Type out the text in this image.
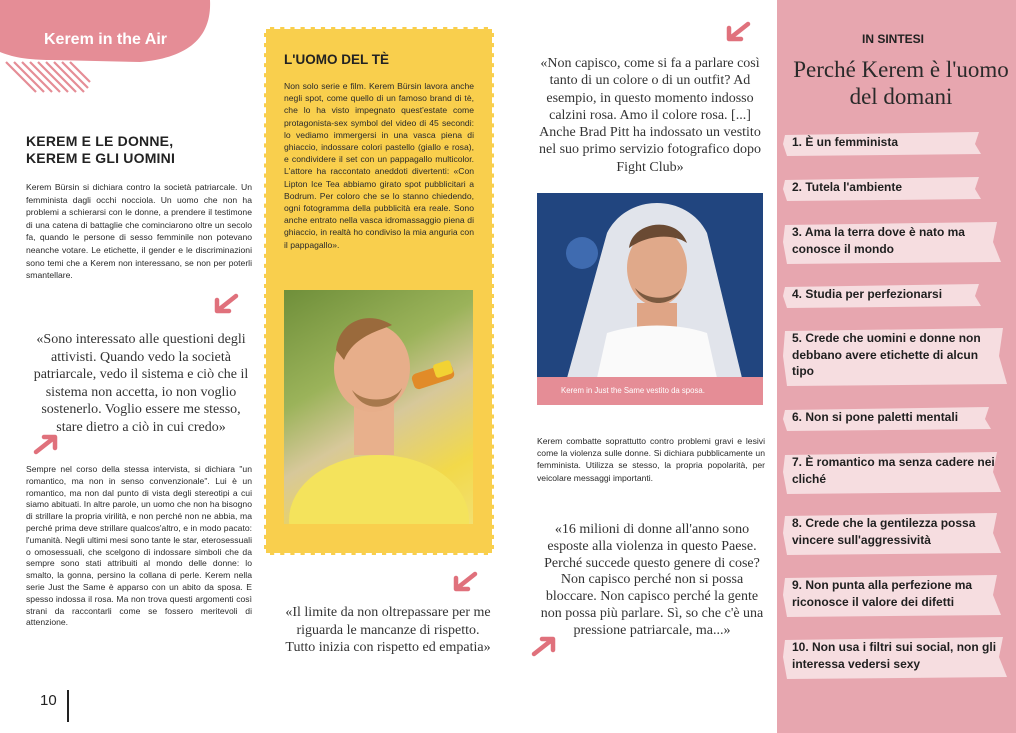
Kerem in the Air
KEREM E LE DONNE,
KEREM E GLI UOMINI
Kerem Bürsin si dichiara contro la società patriarcale. Un femminista dagli occhi nocciola. Un uomo che non ha problemi a schierarsi con le donne, a prendere il testimone di una catena di battaglie che cominciarono oltre un secolo fa, quando le persone di sesso femminile non potevano neanche votare. Le etichette, il gender e le discriminazioni sono temi che a Kerem non interessano, se non per poterli smantellare.
«Sono interessato alle questioni degli attivisti. Quando vedo la società patriarcale, vedo il sistema e ciò che il sistema non accetta, io non voglio sostenerlo. Voglio essere me stesso, stare dietro a ciò in cui credo»
Sempre nel corso della stessa intervista, si dichiara "un romantico, ma non in senso convenzionale". Lui è un romantico, ma non dal punto di vista degli stereotipi a cui siamo abituati. In altre parole, un uomo che non ha bisogno di strillare la propria virilità, e non perché non ne abbia, ma perché prima deve strillare qualcos'altro, e in modo pacato: l'umanità. Negli ultimi mesi sono tante le star, eterosessuali o omosessuali, che scelgono di indossare simboli che da sempre sono stati attribuiti al mondo delle donne: lo smalto, la gonna, persino la collana di perle. Kerem nella serie Just the Same è apparso con un abito da sposa. E spesso indossa il rosa. Ma non trova questi argomenti così strani da raccontarli come se fossero meritevoli di attenzione.
10
L'UOMO DEL TÈ
Non solo serie e film. Kerem Bürsin lavora anche negli spot, come quello di un famoso brand di tè, che lo ha visto impegnato quest'estate come protagonista-sex symbol del video di 45 secondi: lo vediamo immergersi in una vasca piena di ghiaccio, indossare colori pastello (giallo e rosa), e condividere il set con un pappagallo multicolor. L'attore ha raccontato aneddoti divertenti: «Con Lipton Ice Tea abbiamo girato spot pubblicitari a Bodrum. Per coloro che se lo stanno chiedendo, ogni fotogramma della pubblicità era reale. Sono anche entrato nella vasca idromassaggio piena di ghiaccio, in realtà ho condiviso la mia anguria con il pappagallo».
«Il limite da non oltrepassare per me riguarda le mancanze di rispetto. Tutto inizia con rispetto ed empatia»
«Non capisco, come si fa a parlare così tanto di un colore o di un outfit? Ad esempio, in questo momento indosso calzini rosa. Amo il colore rosa. [...] Anche Brad Pitt ha indossato un vestito nel suo primo servizio fotografico dopo Fight Club»
Kerem in Just the Same vestito da sposa.
Kerem combatte soprattutto contro problemi gravi e lesivi come la violenza sulle donne. Si dichiara pubblicamente un femminista. Utilizza se stesso, la propria popolarità, per veicolare messaggi importanti.
«16 milioni di donne all'anno sono esposte alla violenza in questo Paese. Perché succede questo genere di cose? Non capisco perché non si possa bloccare. Non capisco perché la gente non possa più parlare. Sì, so che c'è una pressione patriarcale, ma...»
IN SINTESI
Perché Kerem è l'uomo del domani
1. È un femminista
2. Tutela l'ambiente
3. Ama la terra dove è nato ma conosce il mondo
4. Studia per perfezionarsi
5. Crede che uomini e donne non debbano avere etichette di alcun tipo
6. Non si pone paletti mentali
7. È romantico ma senza cadere nei cliché
8. Crede che la gentilezza possa vincere sull'aggressività
9. Non punta alla perfezione ma riconosce il valore dei difetti
10. Non usa i filtri sui social, non gli interessa vedersi sexy
